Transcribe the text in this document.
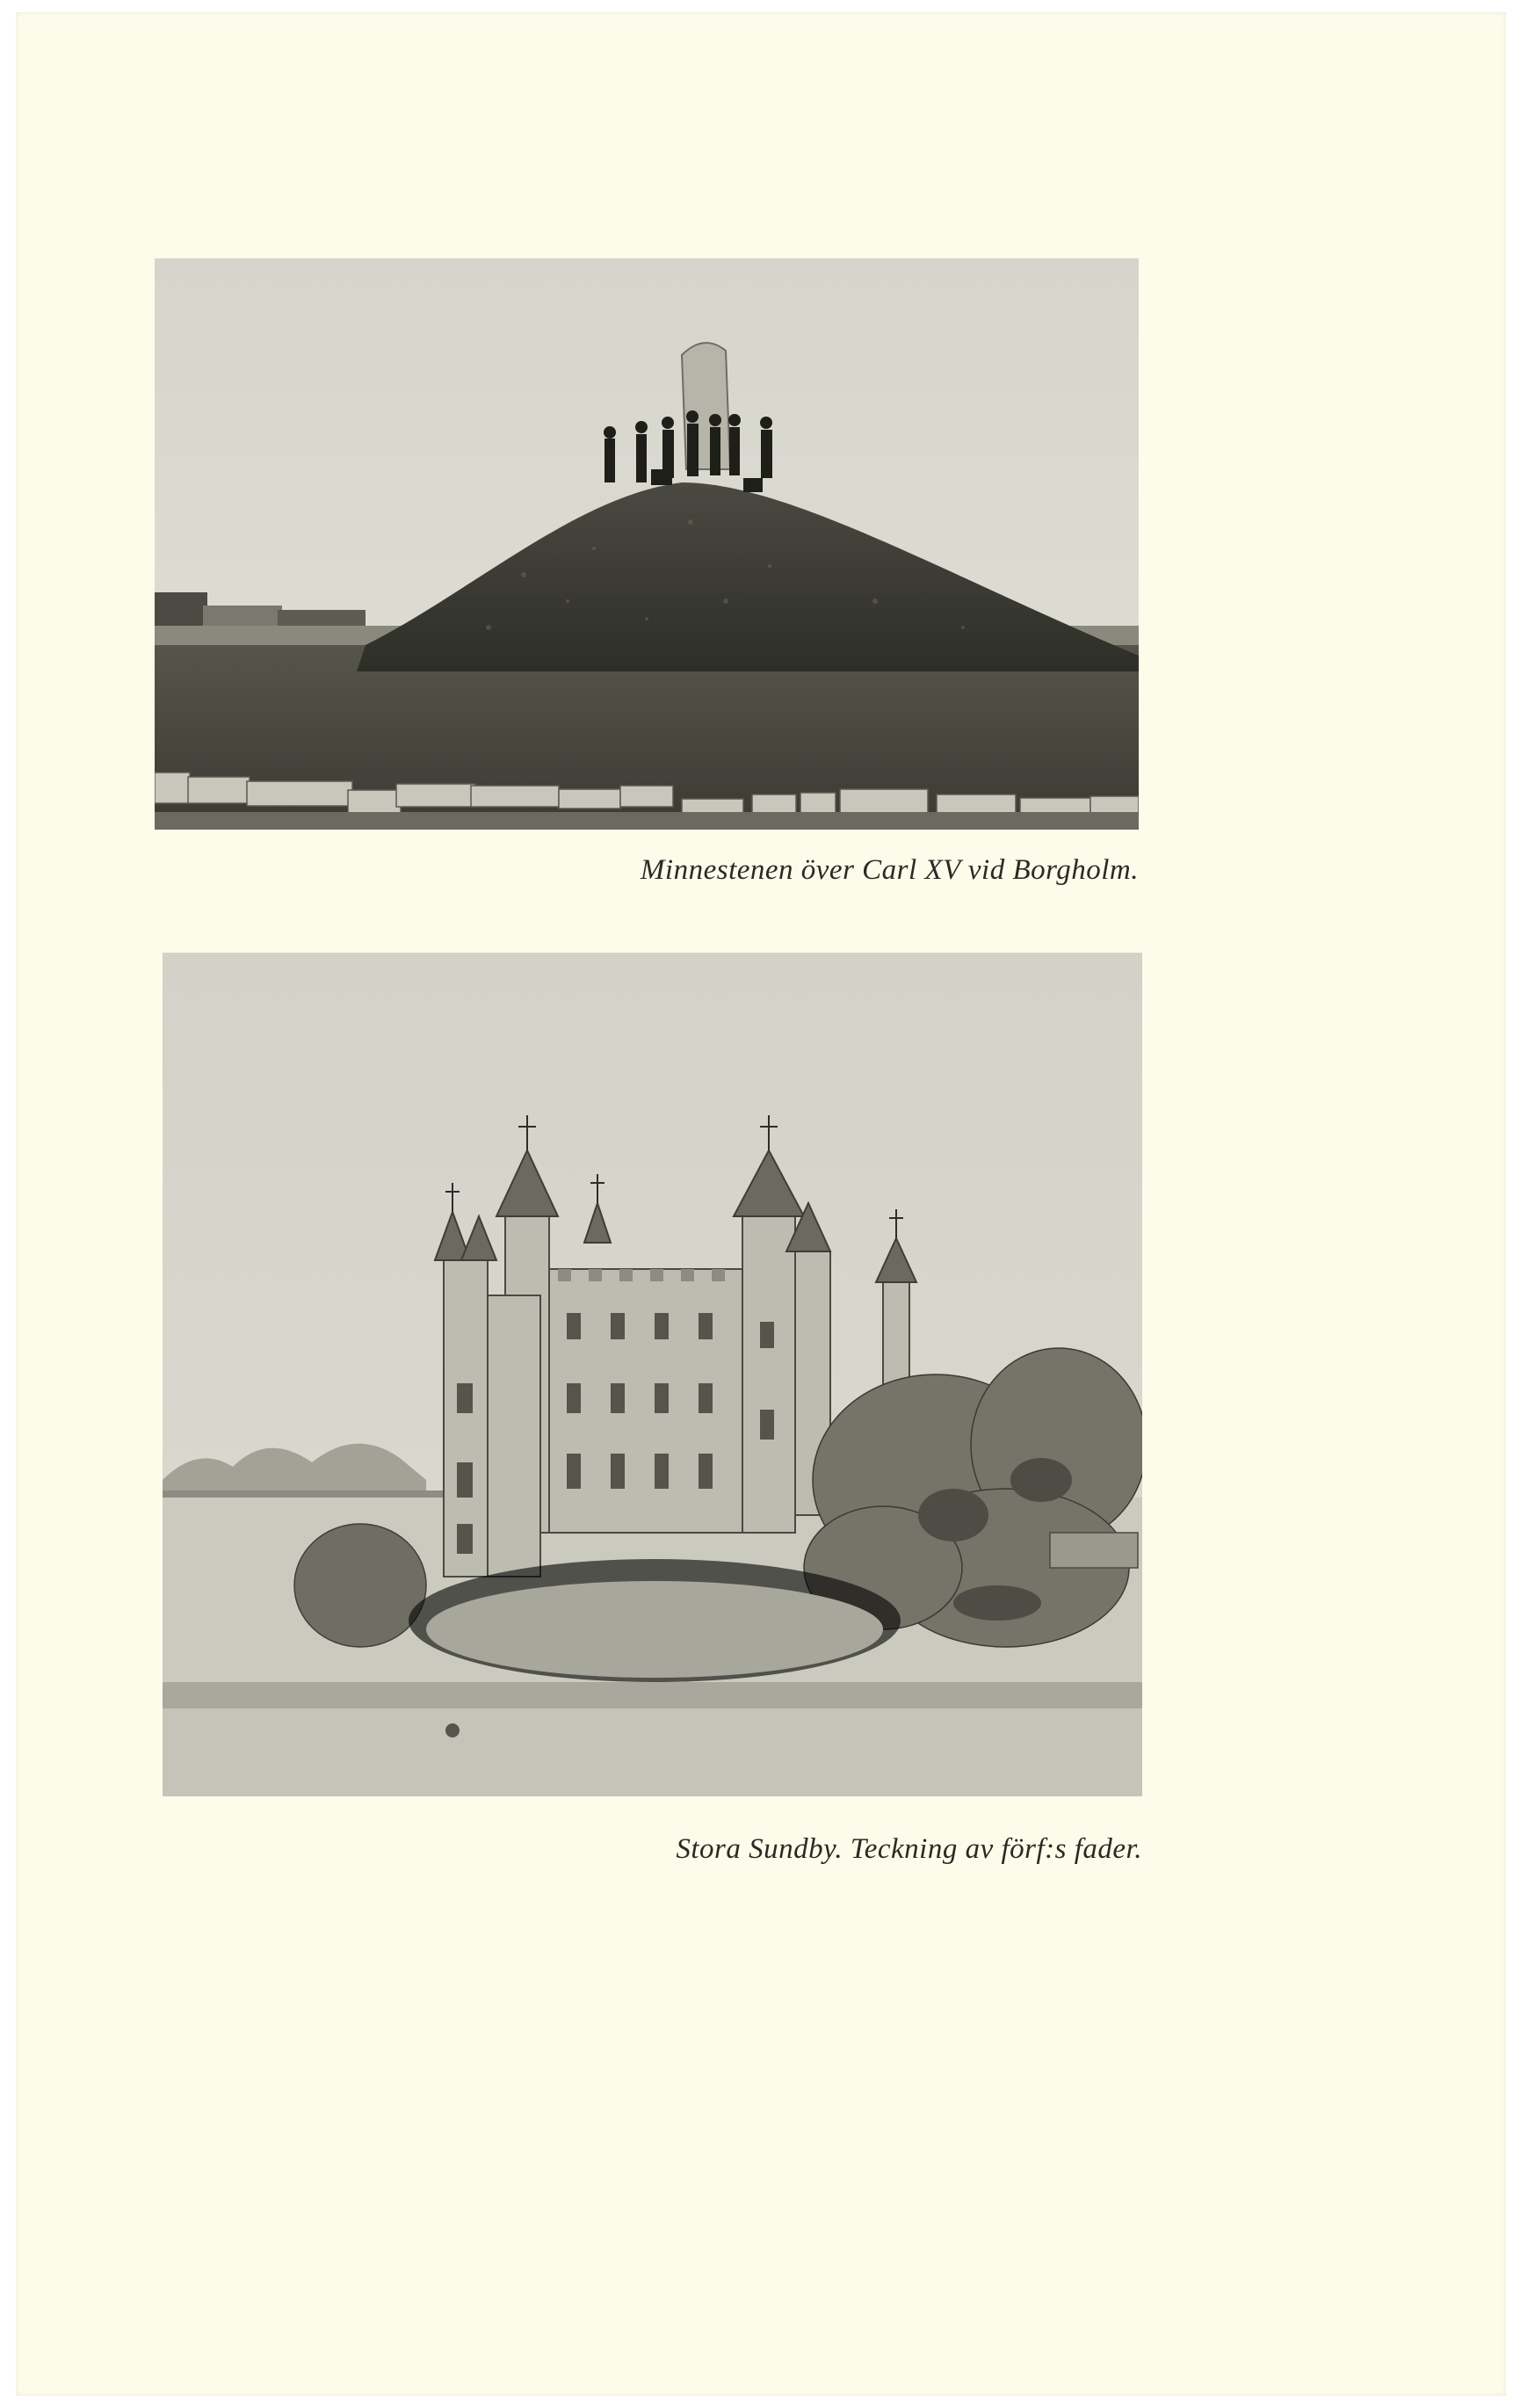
Minnestenen över Carl XV vid Borgholm.
Stora Sundby. Teckning av förf:s fader.
